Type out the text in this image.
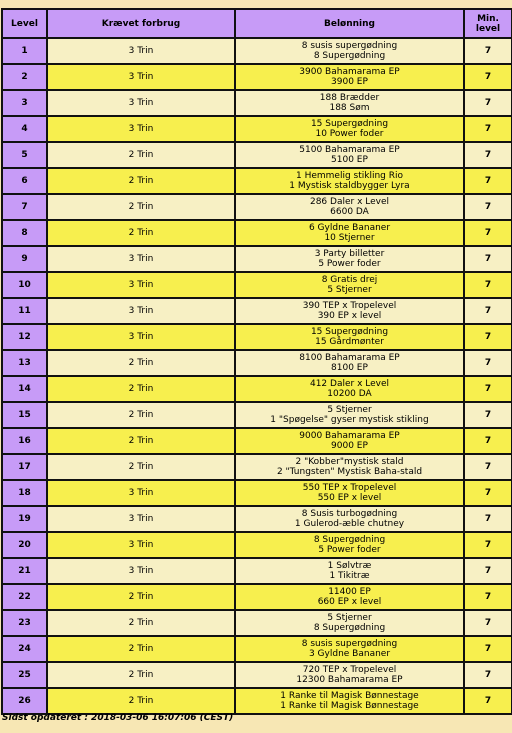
Level	Krævet forbrug	Belønning	Min.
level

1	3 Trin	8 susis supergødning
8 Supergødning	7
2	3 Trin	3900 Bahamarama EP
3900 EP	7
3	3 Trin	188 Brædder
188 Søm	7
4	3 Trin	15 Supergødning
10 Power foder	7
5	2 Trin	5100 Bahamarama EP
5100 EP	7
6	2 Trin	1 Hemmelig stikling Rio
1 Mystisk staldbygger Lyra	7
7	2 Trin	286 Daler x Level
6600 DA	7
8	2 Trin	6 Gyldne Bananer
10 Stjerner	7
9	3 Trin	3 Party billetter
5 Power foder	7
10	3 Trin	8 Gratis drej
5 Stjerner	7
11	3 Trin	390 TEP x Tropelevel
390 EP x level	7
12	3 Trin	15 Supergødning
15 Gårdmønter	7
13	2 Trin	8100 Bahamarama EP
8100 EP	7
14	2 Trin	412 Daler x Level
10200 DA	7
15	2 Trin	5 Stjerner
1 "Spøgelse" gyser mystisk stikling	7
16	2 Trin	9000 Bahamarama EP
9000 EP	7
17	2 Trin	2 "Kobber"mystisk stald
2 "Tungsten" Mystisk Baha-stald	7
18	3 Trin	550 TEP x Tropelevel
550 EP x level	7
19	3 Trin	8 Susis turbogødning
1 Gulerod-æble chutney	7
20	3 Trin	8 Supergødning
5 Power foder	7
21	3 Trin	1 Sølvtræ
1 Tikitræ	7
22	2 Trin	11400 EP
660 EP x level	7
23	2 Trin	5 Stjerner
8 Supergødning	7
24	2 Trin	8 susis supergødning
3 Gyldne Bananer	7
25	2 Trin	720 TEP x Tropelevel
12300 Bahamarama EP	7
26	2 Trin	1 Ranke til Magisk Bønnestage
1 Ranke til Magisk Bønnestage	7
Sidst opdateret : 2018-03-06 16:07:06 (CEST)
